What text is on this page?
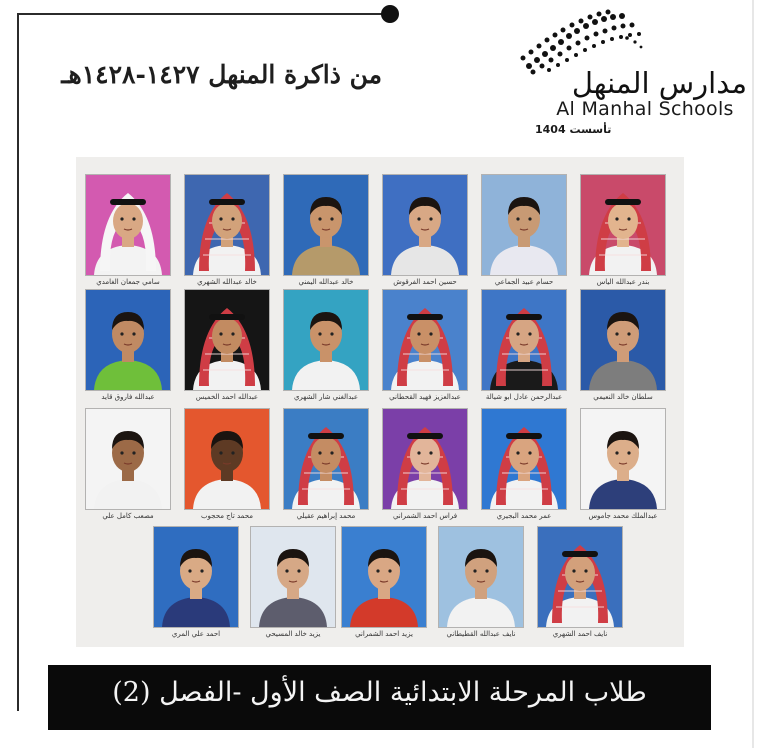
من ذاكرة المنهل ١٤٢٧-١٤٢٨هـ	مدارس المنهل
Al Manhal Schools
تأسست 1404
بندر عبدالله الياس
حسام عبيد الجماعي
حسين احمد الفرقوش
خالد عبدالله اليمني
خالد عبدالله الشهري
سامي جمعان الغامدي
سلطان خالد النعيمي
عبدالرحمن عادل ابو شيالة
عبدالعزيز فهيد القحطاني
عبدالغني شار الشهري
عبدالله احمد الخميس
عبدالله فاروق قايد
عبدالملك محمد جاموس
عمر محمد البجيري
فراس احمد الشمراني
محمد إبراهيم عقيلي
محمد تاج محجوب
مصعب كامل علي
نايف احمد الشهري
نايف عبدالله القطيطاني
يزيد احمد الشمراني
يزيد خالد المسيحي
احمد علي المري
طلاب المرحلة الابتدائية الصف الأول -الفصل (2)
